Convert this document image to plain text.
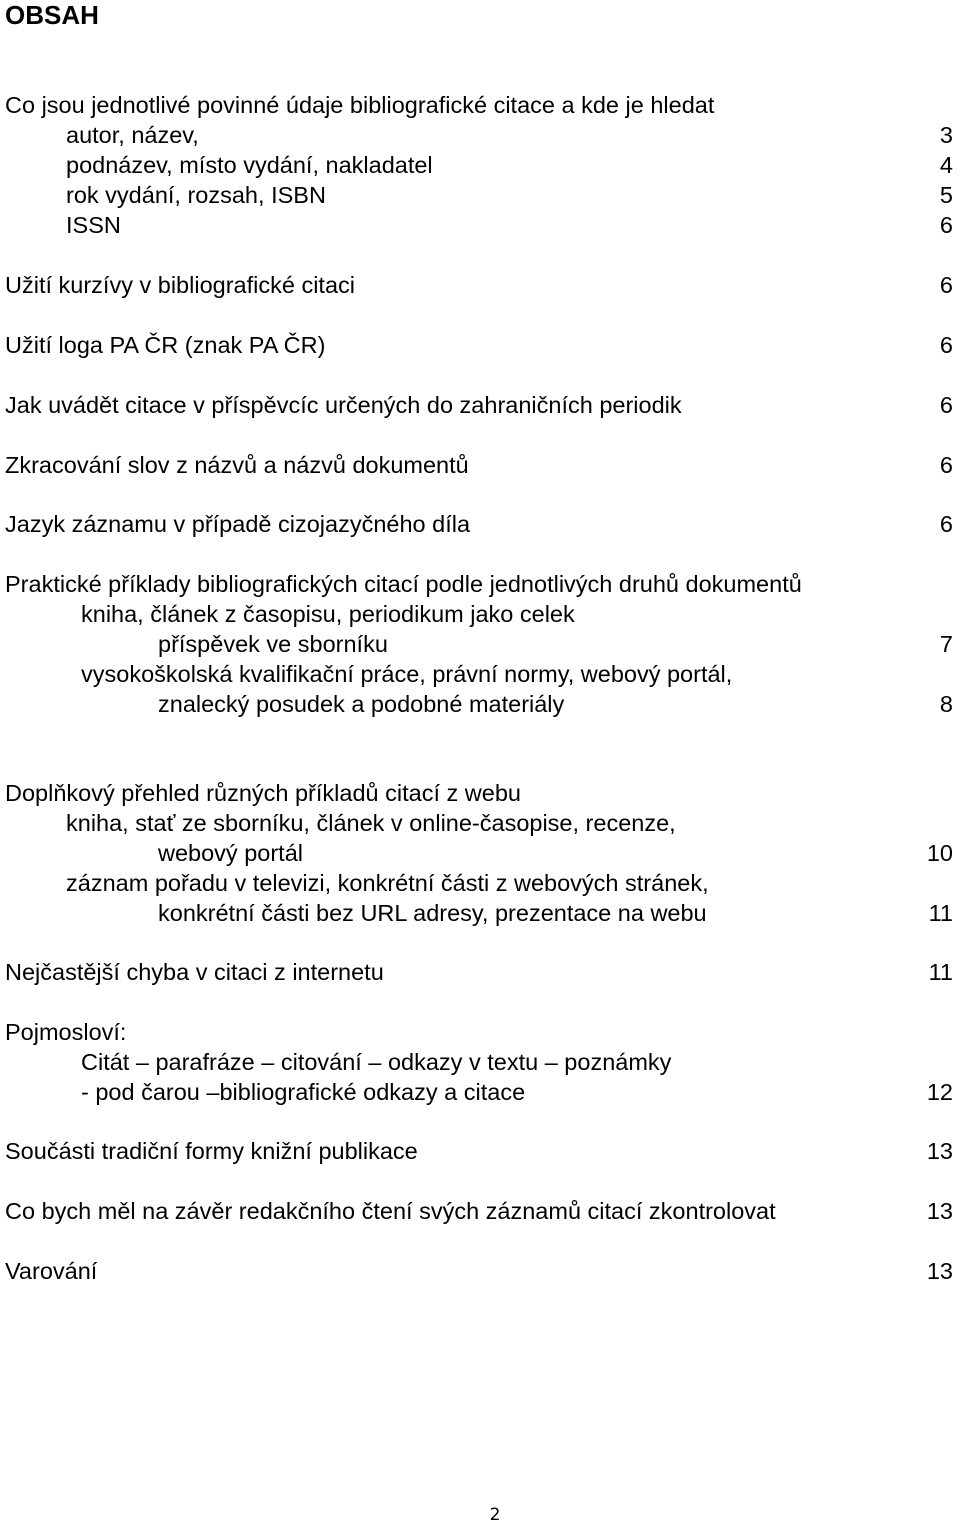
OBSAH
Co jsou jednotlivé povinné údaje bibliografické citace a kde je hledat
autor, název,	3
podnázev, místo vydání, nakladatel	4
rok vydání, rozsah, ISBN	5
ISSN	6
Užití kurzívy v bibliografické citaci	6
Užití loga PA ČR (znak PA ČR)	6
Jak uvádět citace v příspěvcíc určených do zahraničních periodik	6
Zkracování slov z názvů a názvů dokumentů	6
Jazyk záznamu v případě cizojazyčného díla	6
Praktické příklady bibliografických citací podle jednotlivých druhů dokumentů
kniha, článek z časopisu, periodikum jako celek
příspěvek ve sborníku	7
vysokoškolská kvalifikační práce, právní normy, webový portál,
znalecký posudek a podobné materiály	8
Doplňkový přehled různých příkladů citací z webu
kniha, stať ze sborníku, článek v online-časopise, recenze,
webový portál	10
záznam pořadu v televizi, konkrétní části z webových stránek,
konkrétní části bez URL adresy, prezentace na webu	11
Nejčastější chyba v citaci z internetu	11
Pojmosloví:
Citát – parafráze – citování – odkazy v textu – poznámky
- pod čarou –bibliografické odkazy a citace	12
Součásti tradiční formy knižní publikace	13
Co bych měl na závěr redakčního čtení svých záznamů citací zkontrolovat	13
Varování	13
2
